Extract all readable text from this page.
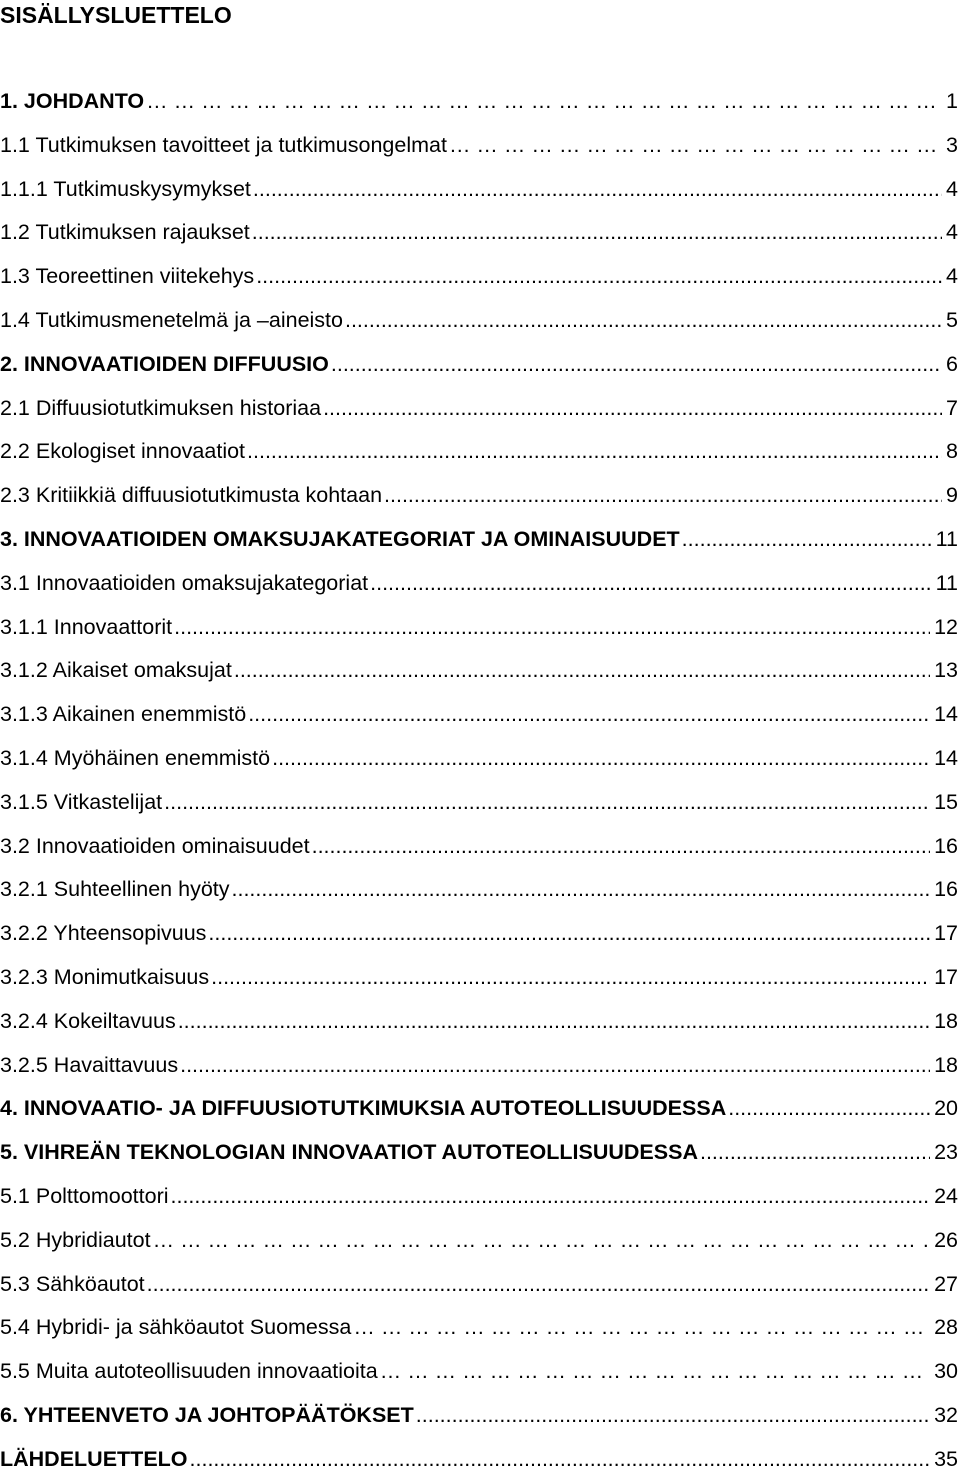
SISÄLLYSLUETTELO
1. JOHDANTO … … … … … … … … … … … … … … … … … … … … … … … … … … … … … … … … … … … … … … … …	1
1.1 Tutkimuksen tavoitteet ja tutkimusongelmat … … … … … … … … … … … … … … … … … … … … … … … … … … … … … … … … … … … … … … … …	3
1.1.1 Tutkimuskysymykset .....	4
1.2 Tutkimuksen rajaukset .....	4
1.3 Teoreettinen viitekehys .....	4
1.4 Tutkimusmenetelmä ja –aineisto .....	5
2. INNOVAATIOIDEN DIFFUUSIO .....	6
2.1 Diffuusiotutkimuksen historiaa .....	7
2.2 Ekologiset innovaatiot .....	8
2.3 Kritiikkiä diffuusiotutkimusta kohtaan .....	9
3. INNOVAATIOIDEN OMAKSUJAKATEGORIAT JA OMINAISUUDET .....	11
3.1 Innovaatioiden omaksujakategoriat .....	11
3.1.1 Innovaattorit .....	12
3.1.2 Aikaiset omaksujat .....	13
3.1.3 Aikainen enemmistö .....	14
3.1.4 Myöhäinen enemmistö .....	14
3.1.5 Vitkastelijat .....	15
3.2 Innovaatioiden ominaisuudet .....	16
3.2.1 Suhteellinen hyöty .....	16
3.2.2 Yhteensopivuus .....	17
3.2.3 Monimutkaisuus .....	17
3.2.4 Kokeiltavuus .....	18
3.2.5 Havaittavuus .....	18
4. INNOVAATIO- JA DIFFUUSIOTUTKIMUKSIA AUTOTEOLLISUUDESSA .....	20
5. VIHREÄN TEKNOLOGIAN INNOVAATIOT AUTOTEOLLISUUDESSA .....	23
5.1 Polttomoottori .....	24
5.2 Hybridiautot … … … … … … … … … … … … … … … … … … … … … … … … … … … … … … … … … … … … … … … …	26
5.3 Sähköautot .....	27
5.4 Hybridi- ja sähköautot Suomessa … … … … … … … … … … … … … … … … … … … … … … … … … … … … … … … … … … … … … … … …	28
5.5 Muita autoteollisuuden innovaatioita … … … … … … … … … … … … … … … … … … … … … … … … … … … … … … … … … … … … … … … …	30
6. YHTEENVETO JA JOHTOPÄÄTÖKSET .....	32
LÄHDELUETTELO .....	35
